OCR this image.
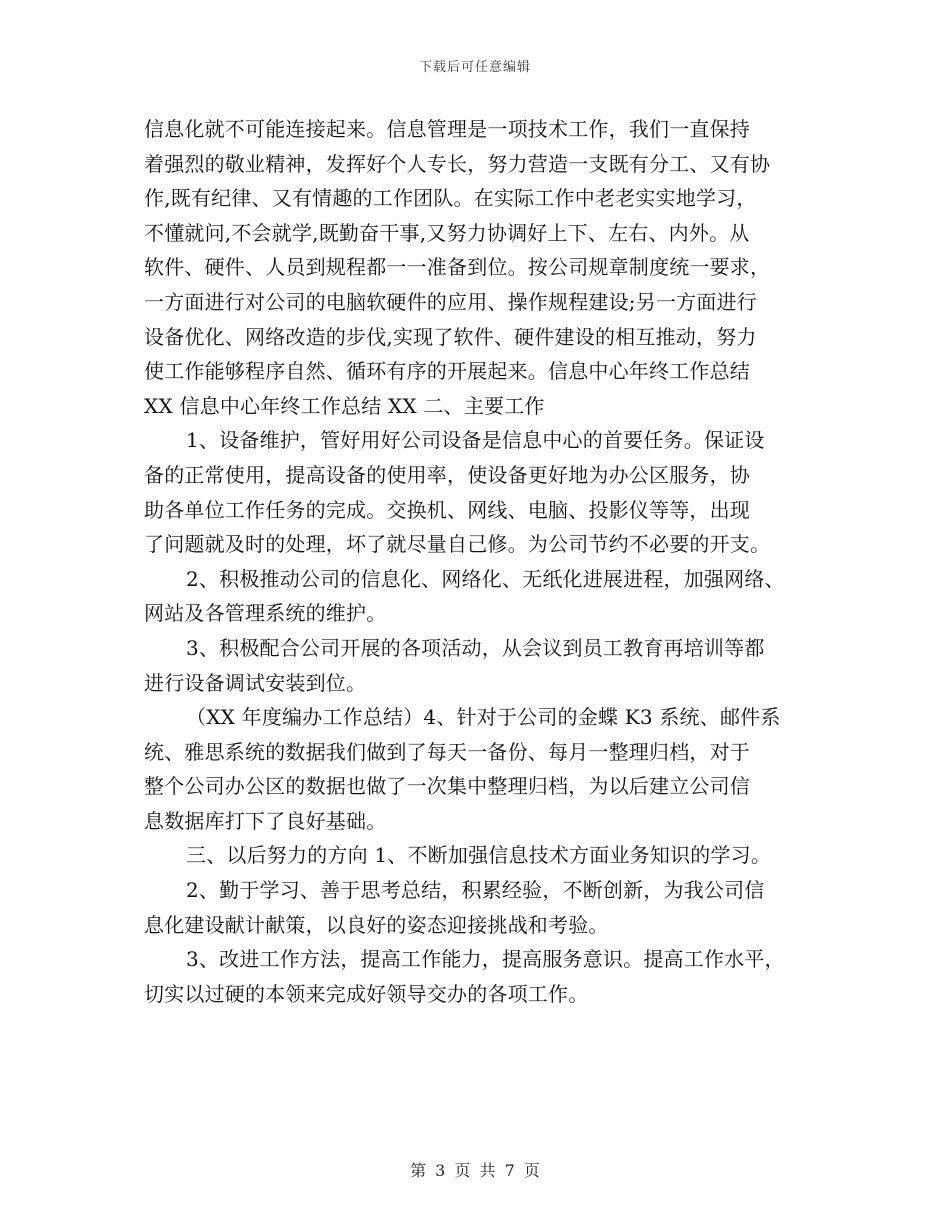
下载后可任意编辑
信息化就不可能连接起来。信息管理是一项技术工作，我们一直保持
着强烈的敬业精神，发挥好个人专长，努力营造一支既有分工、又有协
作,既有纪律、又有情趣的工作团队。在实际工作中老老实实地学习，
不懂就问,不会就学,既勤奋干事,又努力协调好上下、左右、内外。从
软件、硬件、人员到规程都一一准备到位。按公司规章制度统一要求，
一方面进行对公司的电脑软硬件的应用、操作规程建设;另一方面进行
设备优化、网络改造的步伐,实现了软件、硬件建设的相互推动，努力
使工作能够程序自然、循环有序的开展起来。信息中心年终工作总结
XX 信息中心年终工作总结 XX 二、主要工作
1、设备维护，管好用好公司设备是信息中心的首要任务。保证设
备的正常使用，提高设备的使用率，使设备更好地为办公区服务，协
助各单位工作任务的完成。交换机、网线、电脑、投影仪等等，出现
了问题就及时的处理，坏了就尽量自己修。为公司节约不必要的开支。
2、积极推动公司的信息化、网络化、无纸化进展进程，加强网络、
网站及各管理系统的维护。
3、积极配合公司开展的各项活动，从会议到员工教育再培训等都
进行设备调试安装到位。
（XX 年度编办工作总结）4、针对于公司的金蝶 K3 系统、邮件系
统、雅思系统的数据我们做到了每天一备份、每月一整理归档，对于
整个公司办公区的数据也做了一次集中整理归档，为以后建立公司信
息数据库打下了良好基础。
三、以后努力的方向 1、不断加强信息技术方面业务知识的学习。
2、勤于学习、善于思考总结，积累经验，不断创新，为我公司信
息化建设献计献策，以良好的姿态迎接挑战和考验。
3、改进工作方法，提高工作能力，提高服务意识。提高工作水平，
切实以过硬的本领来完成好领导交办的各项工作。
第 3 页 共 7 页
